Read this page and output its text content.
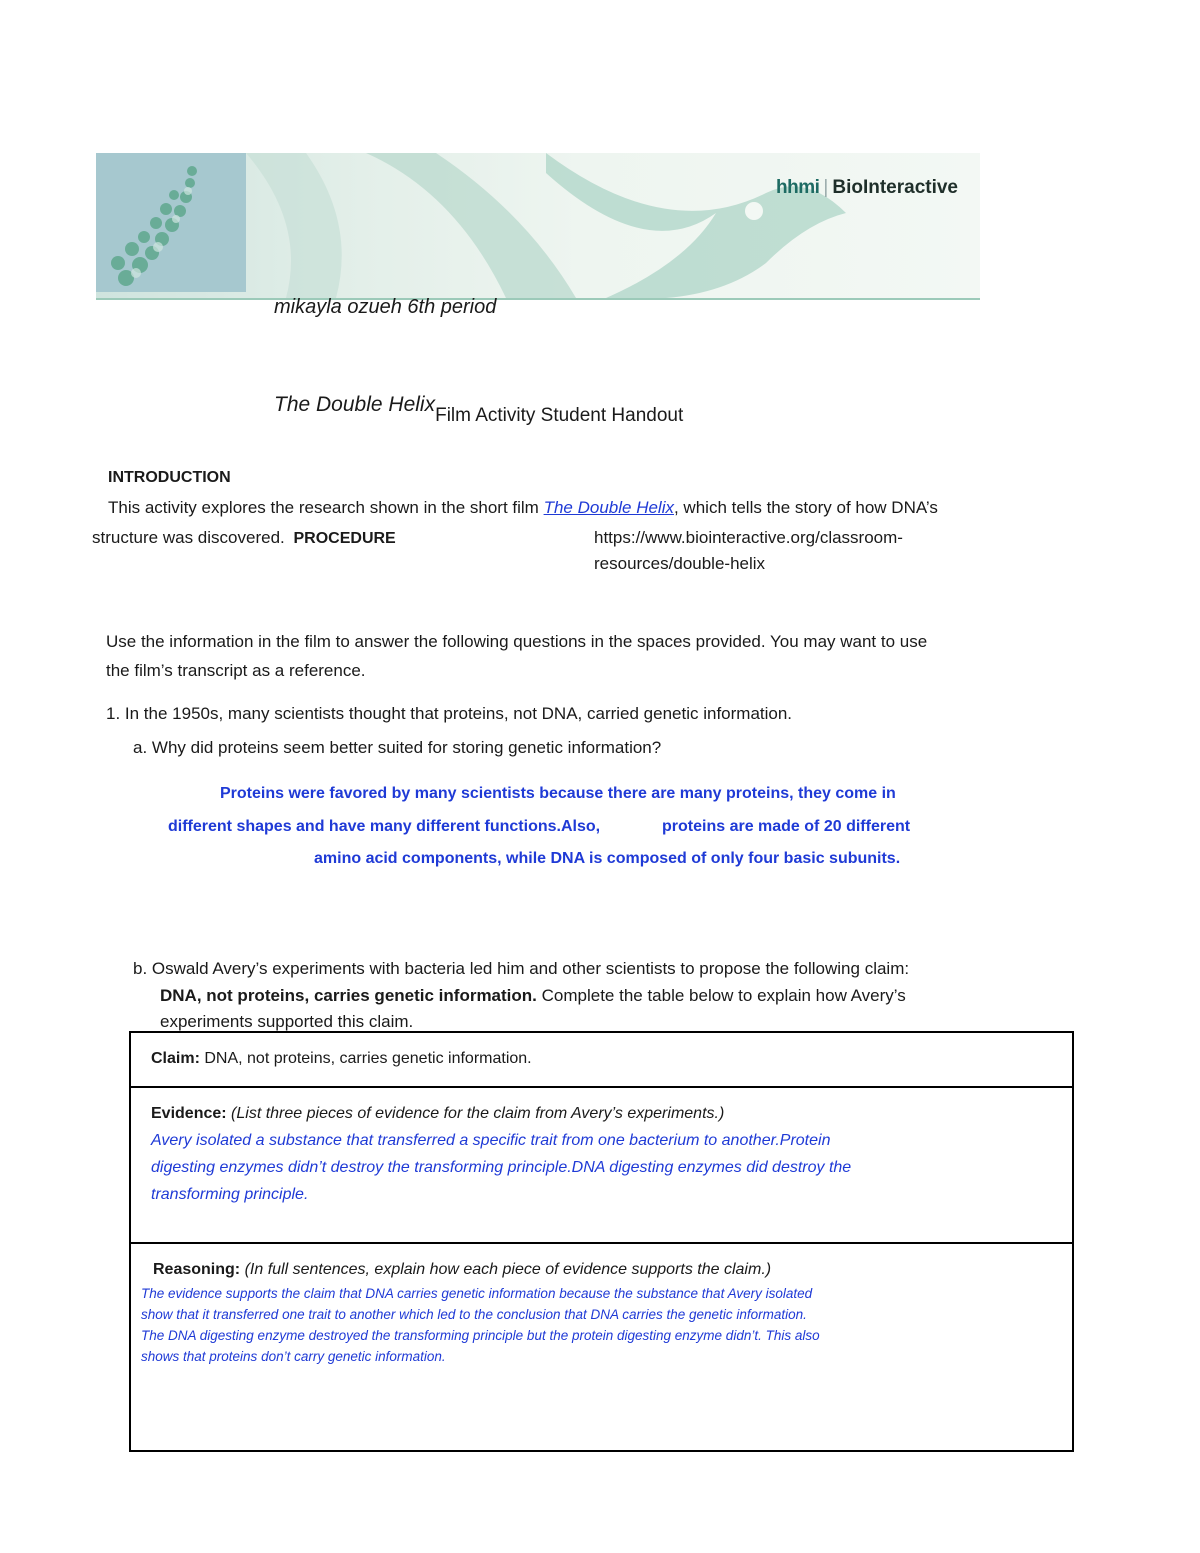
hhmi | BioInteractive
mikayla ozueh 6th period
The Double HelixFilm Activity Student Handout
INTRODUCTION
This activity explores the research shown in the short film The Double Helix, which tells the story of how DNA’s
structure was discovered. PROCEDURE	https://www.biointeractive.org/classroom-
resources/double-helix
Use the information in the film to answer the following questions in the spaces provided. You may want to use
the film’s transcript as a reference.
1. In the 1950s, many scientists thought that proteins, not DNA, carried genetic information.
a. Why did proteins seem better suited for storing genetic information?
Proteins were favored by many scientists because there are many proteins, they come in
different shapes and have many different functions.Also,	proteins are made of 20 different
amino acid components, while DNA is composed of only four basic subunits.
b. Oswald Avery’s experiments with bacteria led him and other scientists to propose the following claim:
DNA, not proteins, carries genetic information. Complete the table below to explain how Avery’s
experiments supported this claim.
Claim: DNA, not proteins, carries genetic information.

Evidence: (List three pieces of evidence for the claim from Avery’s experiments.)
Avery isolated a substance that transferred a specific trait from one bacterium to another.Protein
digesting enzymes didn’t destroy the transforming principle.DNA digesting enzymes did destroy the
transforming principle.

Reasoning: (In full sentences, explain how each piece of evidence supports the claim.)
The evidence supports the claim that DNA carries genetic information because the substance that Avery isolated
show that it transferred one trait to another which led to the conclusion that DNA carries the genetic information.
The DNA digesting enzyme destroyed the transforming principle but the protein digesting enzyme didn’t. This also
shows that proteins don’t carry genetic information.
